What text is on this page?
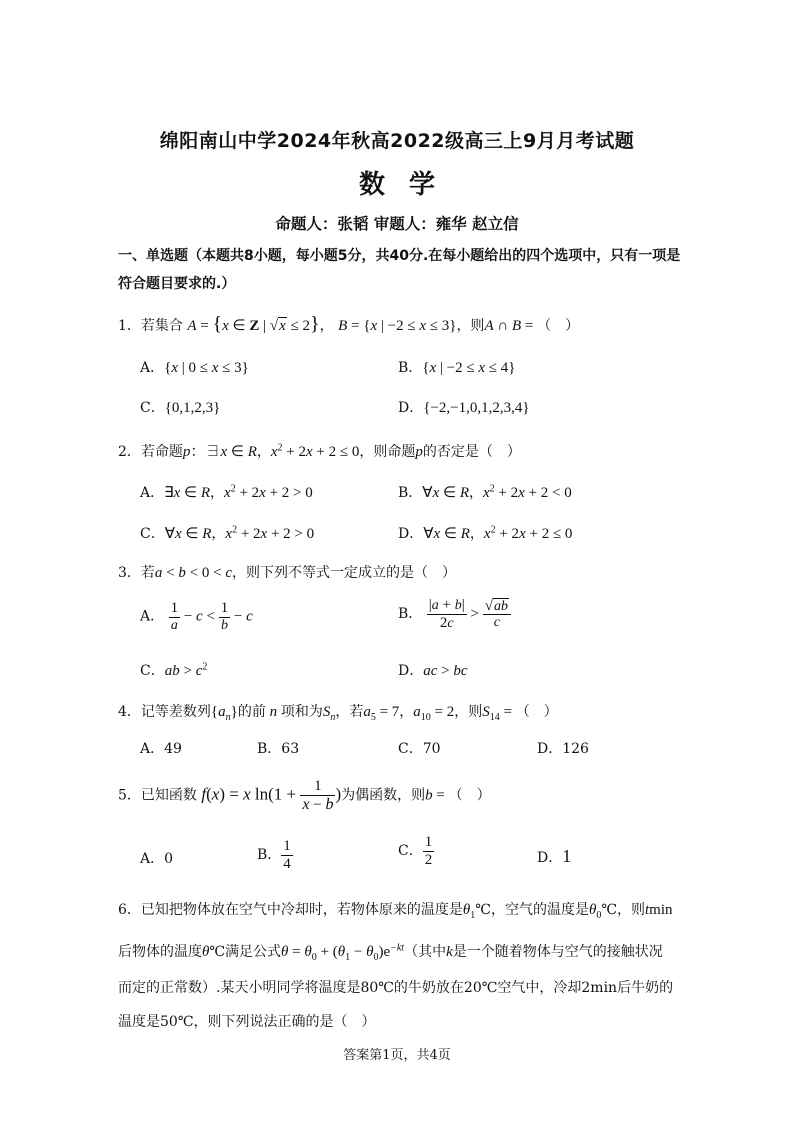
绵阳南山中学2024年秋高2022级高三上9月月考试题
数学
命题人：张韬 审题人：雍华 赵立信
一、单选题（本题共8小题，每小题5分，共40分.在每小题给出的四个选项中，只有一项是符合题目要求的.）
1．若集合 A = {x ∈ Z | √x ≤ 2}， B = {x | −2 ≤ x ≤ 3}，则A ∩ B = （　）
A．{x | 0 ≤ x ≤ 3}	B．{x | −2 ≤ x ≤ 4}
C．{0,1,2,3}	D．{−2,−1,0,1,2,3,4}
2．若命题p：∃x ∈ R，$x^2 + 2x + 2 \le 0$，则命题p的否定是（　）
A．∃x ∈ R，$x^2 + 2x + 2 > 0$	B．∀x ∈ R，$x^2 + 2x + 2 < 0$
C．∀x ∈ R，$x^2 + 2x + 2 > 0$	D．∀x ∈ R，$x^2 + 2x + 2 \le 0$
3．若a < b < 0 < c，则下列不等式一定成立的是（　）
A． $\frac{1}{a} - c < \frac{1}{b} - c$	B． $\frac{|a + b|}{2c} > \frac{√ab}{c}$
C．ab > $c^2$	D．ac > bc
4．记等差数列$\{a_n\}$的前 n 项和为$S_n$，若$a_5 = 7$，$a_{10} = 2$，则$S_{14}$ = （　）
A．49	B．63	C．70	D．126
5．已知函数 f(x) = x $\ln(1 + \frac{1}{x - b}$ )为偶函数，则b = （　）
A．0	B． $\frac{1}{4}$	C． $\frac{1}{2}$	D．1
6．已知把物体放在空气中冷却时，若物体原来的温度是$\theta_1℃$，空气的温度是$\theta_0℃$，则tmin
后物体的温度θ℃满足公式$\theta = \theta_0 + (\theta_1 - \theta_0)e^{-kt}$（其中k是一个随着物体与空气的接触状况
而定的正常数）.某天小明同学将温度是80℃的牛奶放在20℃空气中，冷却2min后牛奶的
温度是50℃，则下列说法正确的是（　）
答案第1页，共4页
